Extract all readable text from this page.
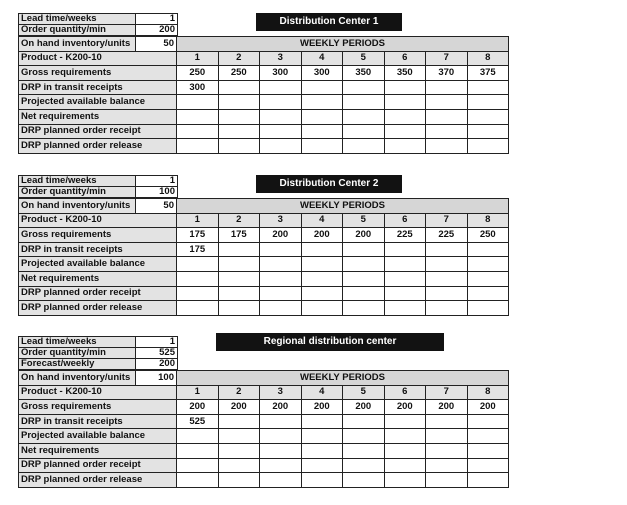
Distribution Center 1
Lead time/weeks	1
Order quantity/min	200
On hand inventory/units	50	WEEKLY PERIODS							
Product - K200-10		1	2	3	4	5	6	7	8
Gross requirements		250	250	300	300	350	350	370	375
DRP in transit receipts		300							
Projected available balance									
Net requirements									
DRP planned order receipt									
DRP planned order release									
Distribution Center 2
Lead time/weeks	1
Order quantity/min	100
On hand inventory/units	50	WEEKLY PERIODS							
Product - K200-10		1	2	3	4	5	6	7	8
Gross requirements		175	175	200	200	200	225	225	250
DRP in transit receipts		175							
Projected available balance									
Net requirements									
DRP planned order receipt									
DRP planned order release									
Regional distribution center
Lead time/weeks	1
Order quantity/min	525
Forecast/weekly	200
On hand inventory/units	100	WEEKLY PERIODS							
Product - K200-10		1	2	3	4	5	6	7	8
Gross requirements		200	200	200	200	200	200	200	200
DRP in transit receipts		525							
Projected available balance									
Net requirements									
DRP planned order receipt									
DRP planned order release									
